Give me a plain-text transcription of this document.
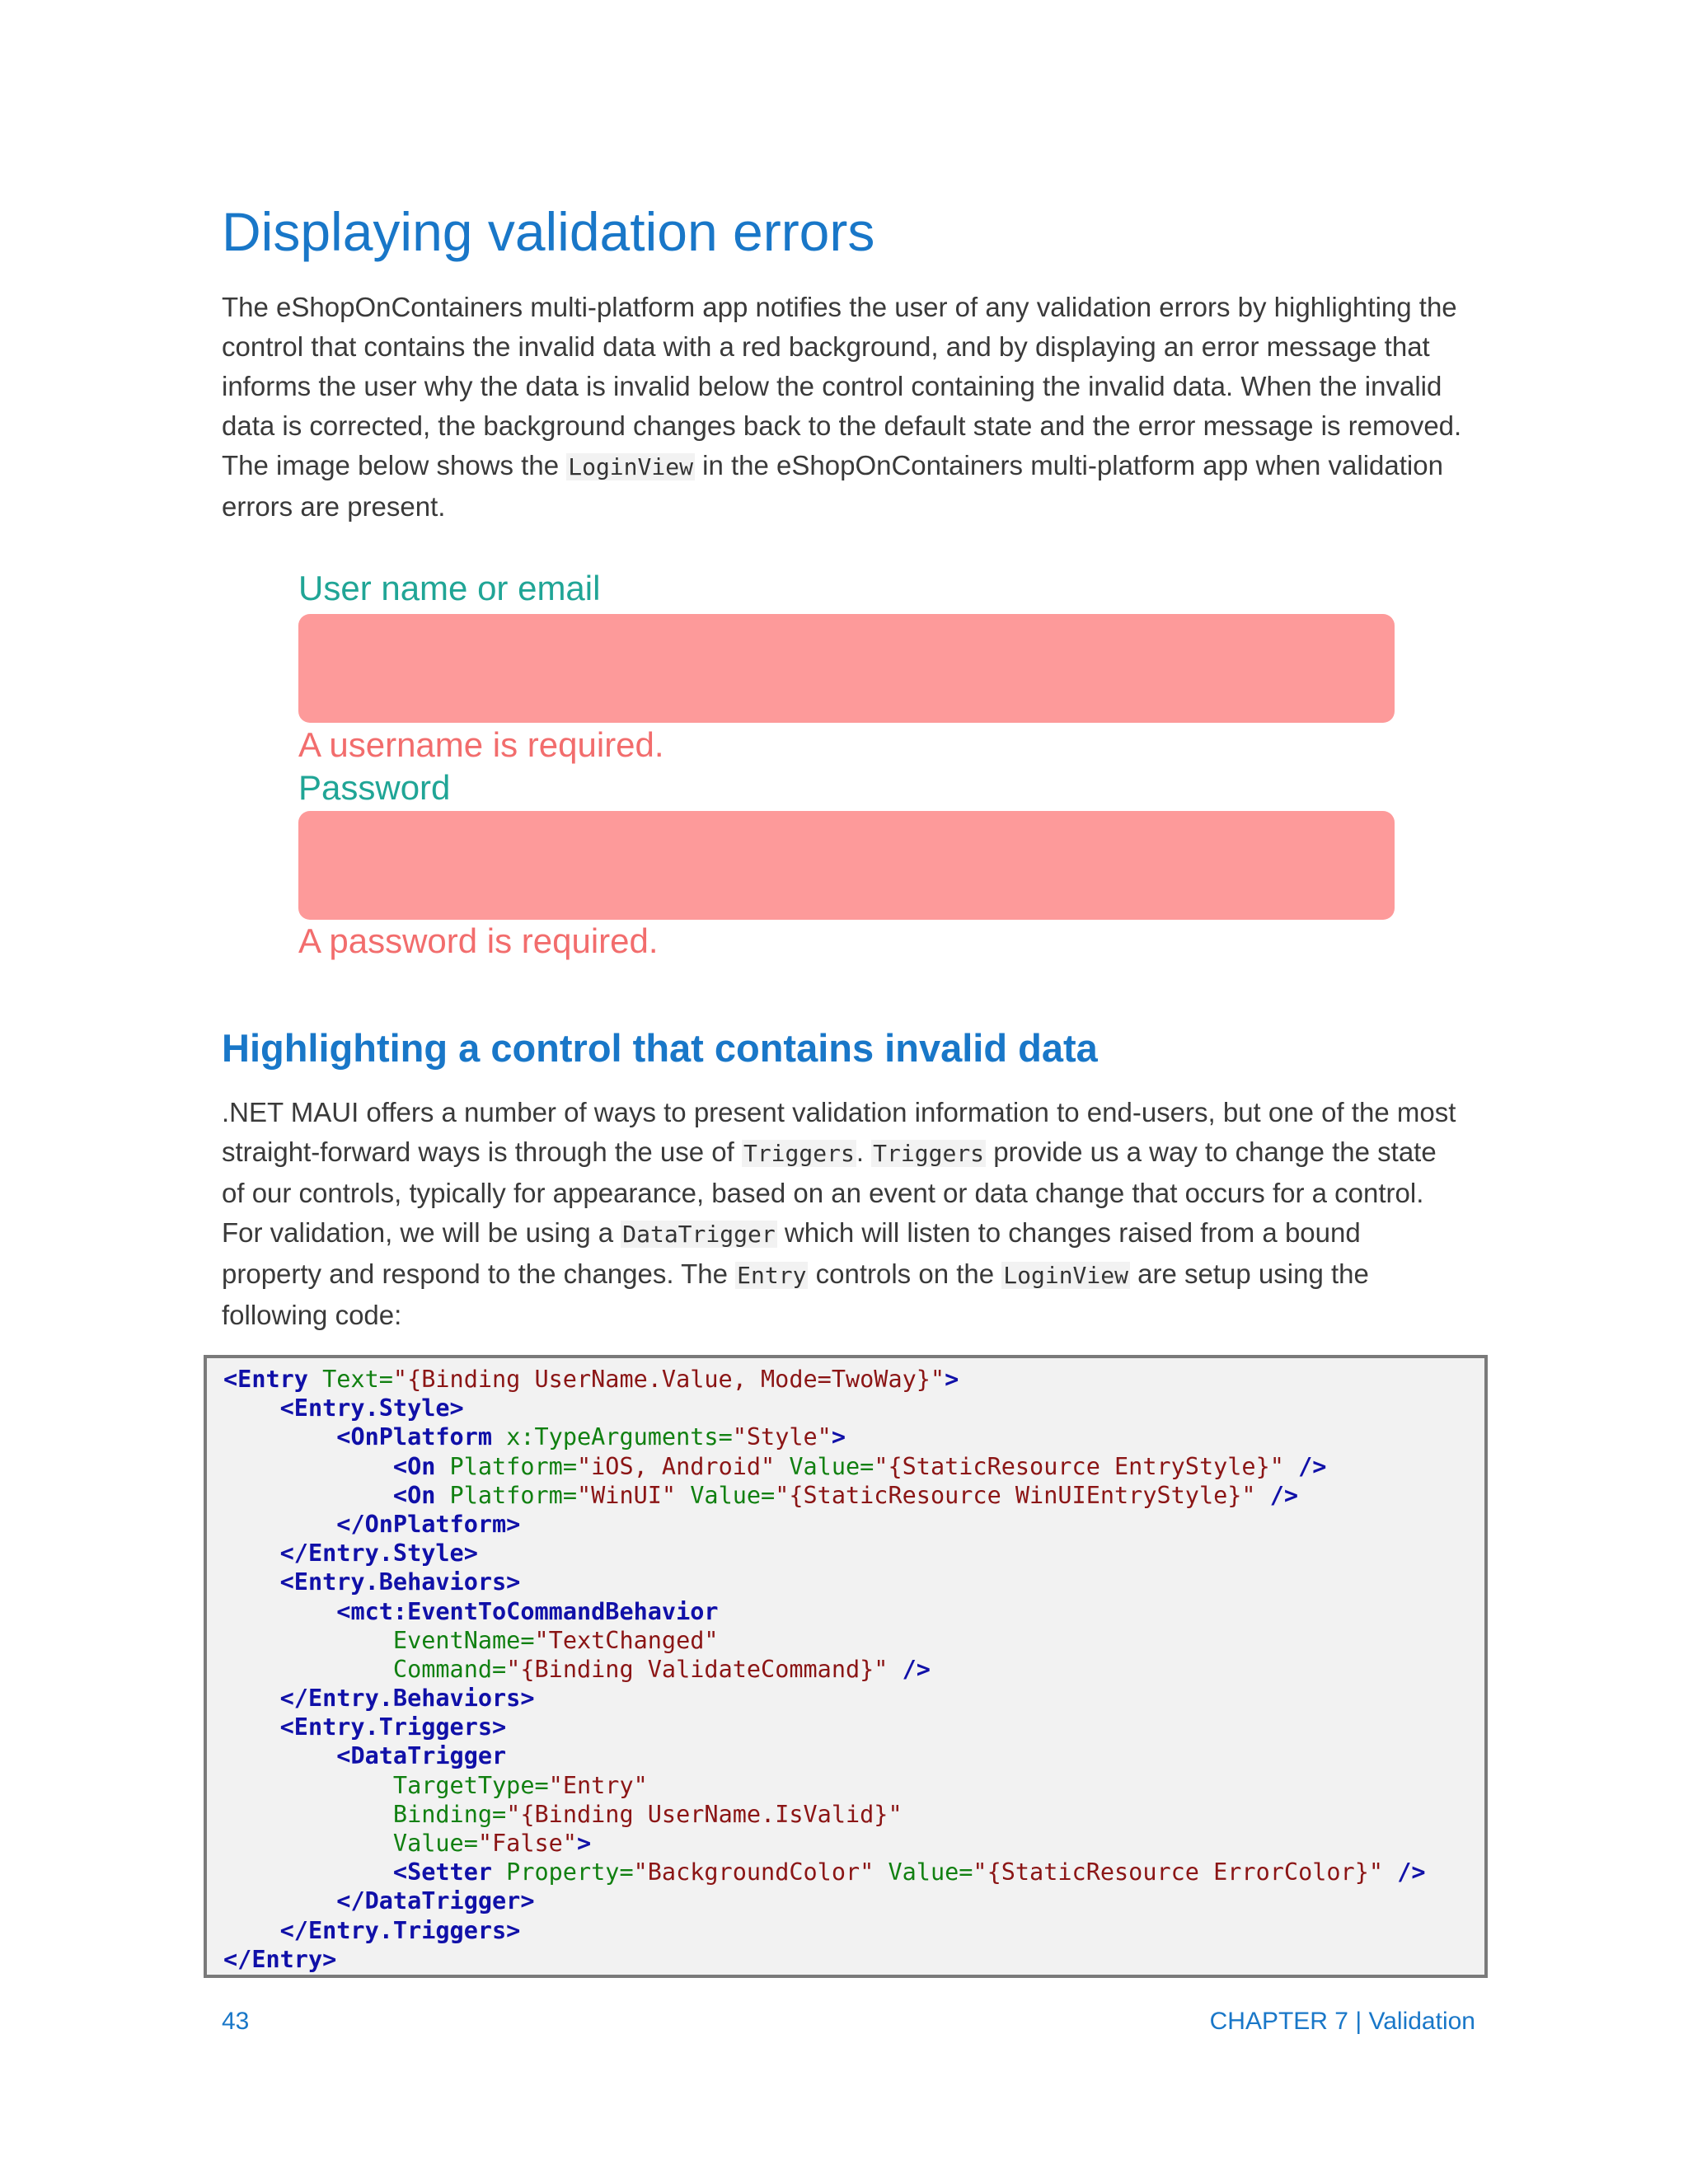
Displaying validation errors

The eShopOnContainers multi-platform app notifies the user of any validation errors by highlighting the control that contains the invalid data with a red background, and by displaying an error message that informs the user why the data is invalid below the control containing the invalid data. When the invalid data is corrected, the background changes back to the default state and the error message is removed. The image below shows the LoginView in the eShopOnContainers multi-platform app when validation errors are present.

User name or email
A username is required.
Password
A password is required.
Highlighting a control that contains invalid data

.NET MAUI offers a number of ways to present validation information to end-users, but one of the most straight-forward ways is through the use of Triggers. Triggers provide us a way to change the state of our controls, typically for appearance, based on an event or data change that occurs for a control. For validation, we will be using a DataTrigger which will listen to changes raised from a bound property and respond to the changes. The Entry controls on the LoginView are setup using the following code:

<Entry Text="{Binding UserName.Value, Mode=TwoWay}">
<Entry.Style>
<OnPlatform x:TypeArguments="Style">
<On Platform="iOS, Android" Value="{StaticResource EntryStyle}" />
<On Platform="WinUI" Value="{StaticResource WinUIEntryStyle}" />
</OnPlatform>
</Entry.Style>
<Entry.Behaviors>
<mct:EventToCommandBehavior
EventName="TextChanged"
Command="{Binding ValidateCommand}" />
</Entry.Behaviors>
<Entry.Triggers>
<DataTrigger
TargetType="Entry"
Binding="{Binding UserName.IsValid}"
Value="False">
<Setter Property="BackgroundColor" Value="{StaticResource ErrorColor}" />
</DataTrigger>
</Entry.Triggers>
</Entry>
43	CHAPTER 7 | Validation
